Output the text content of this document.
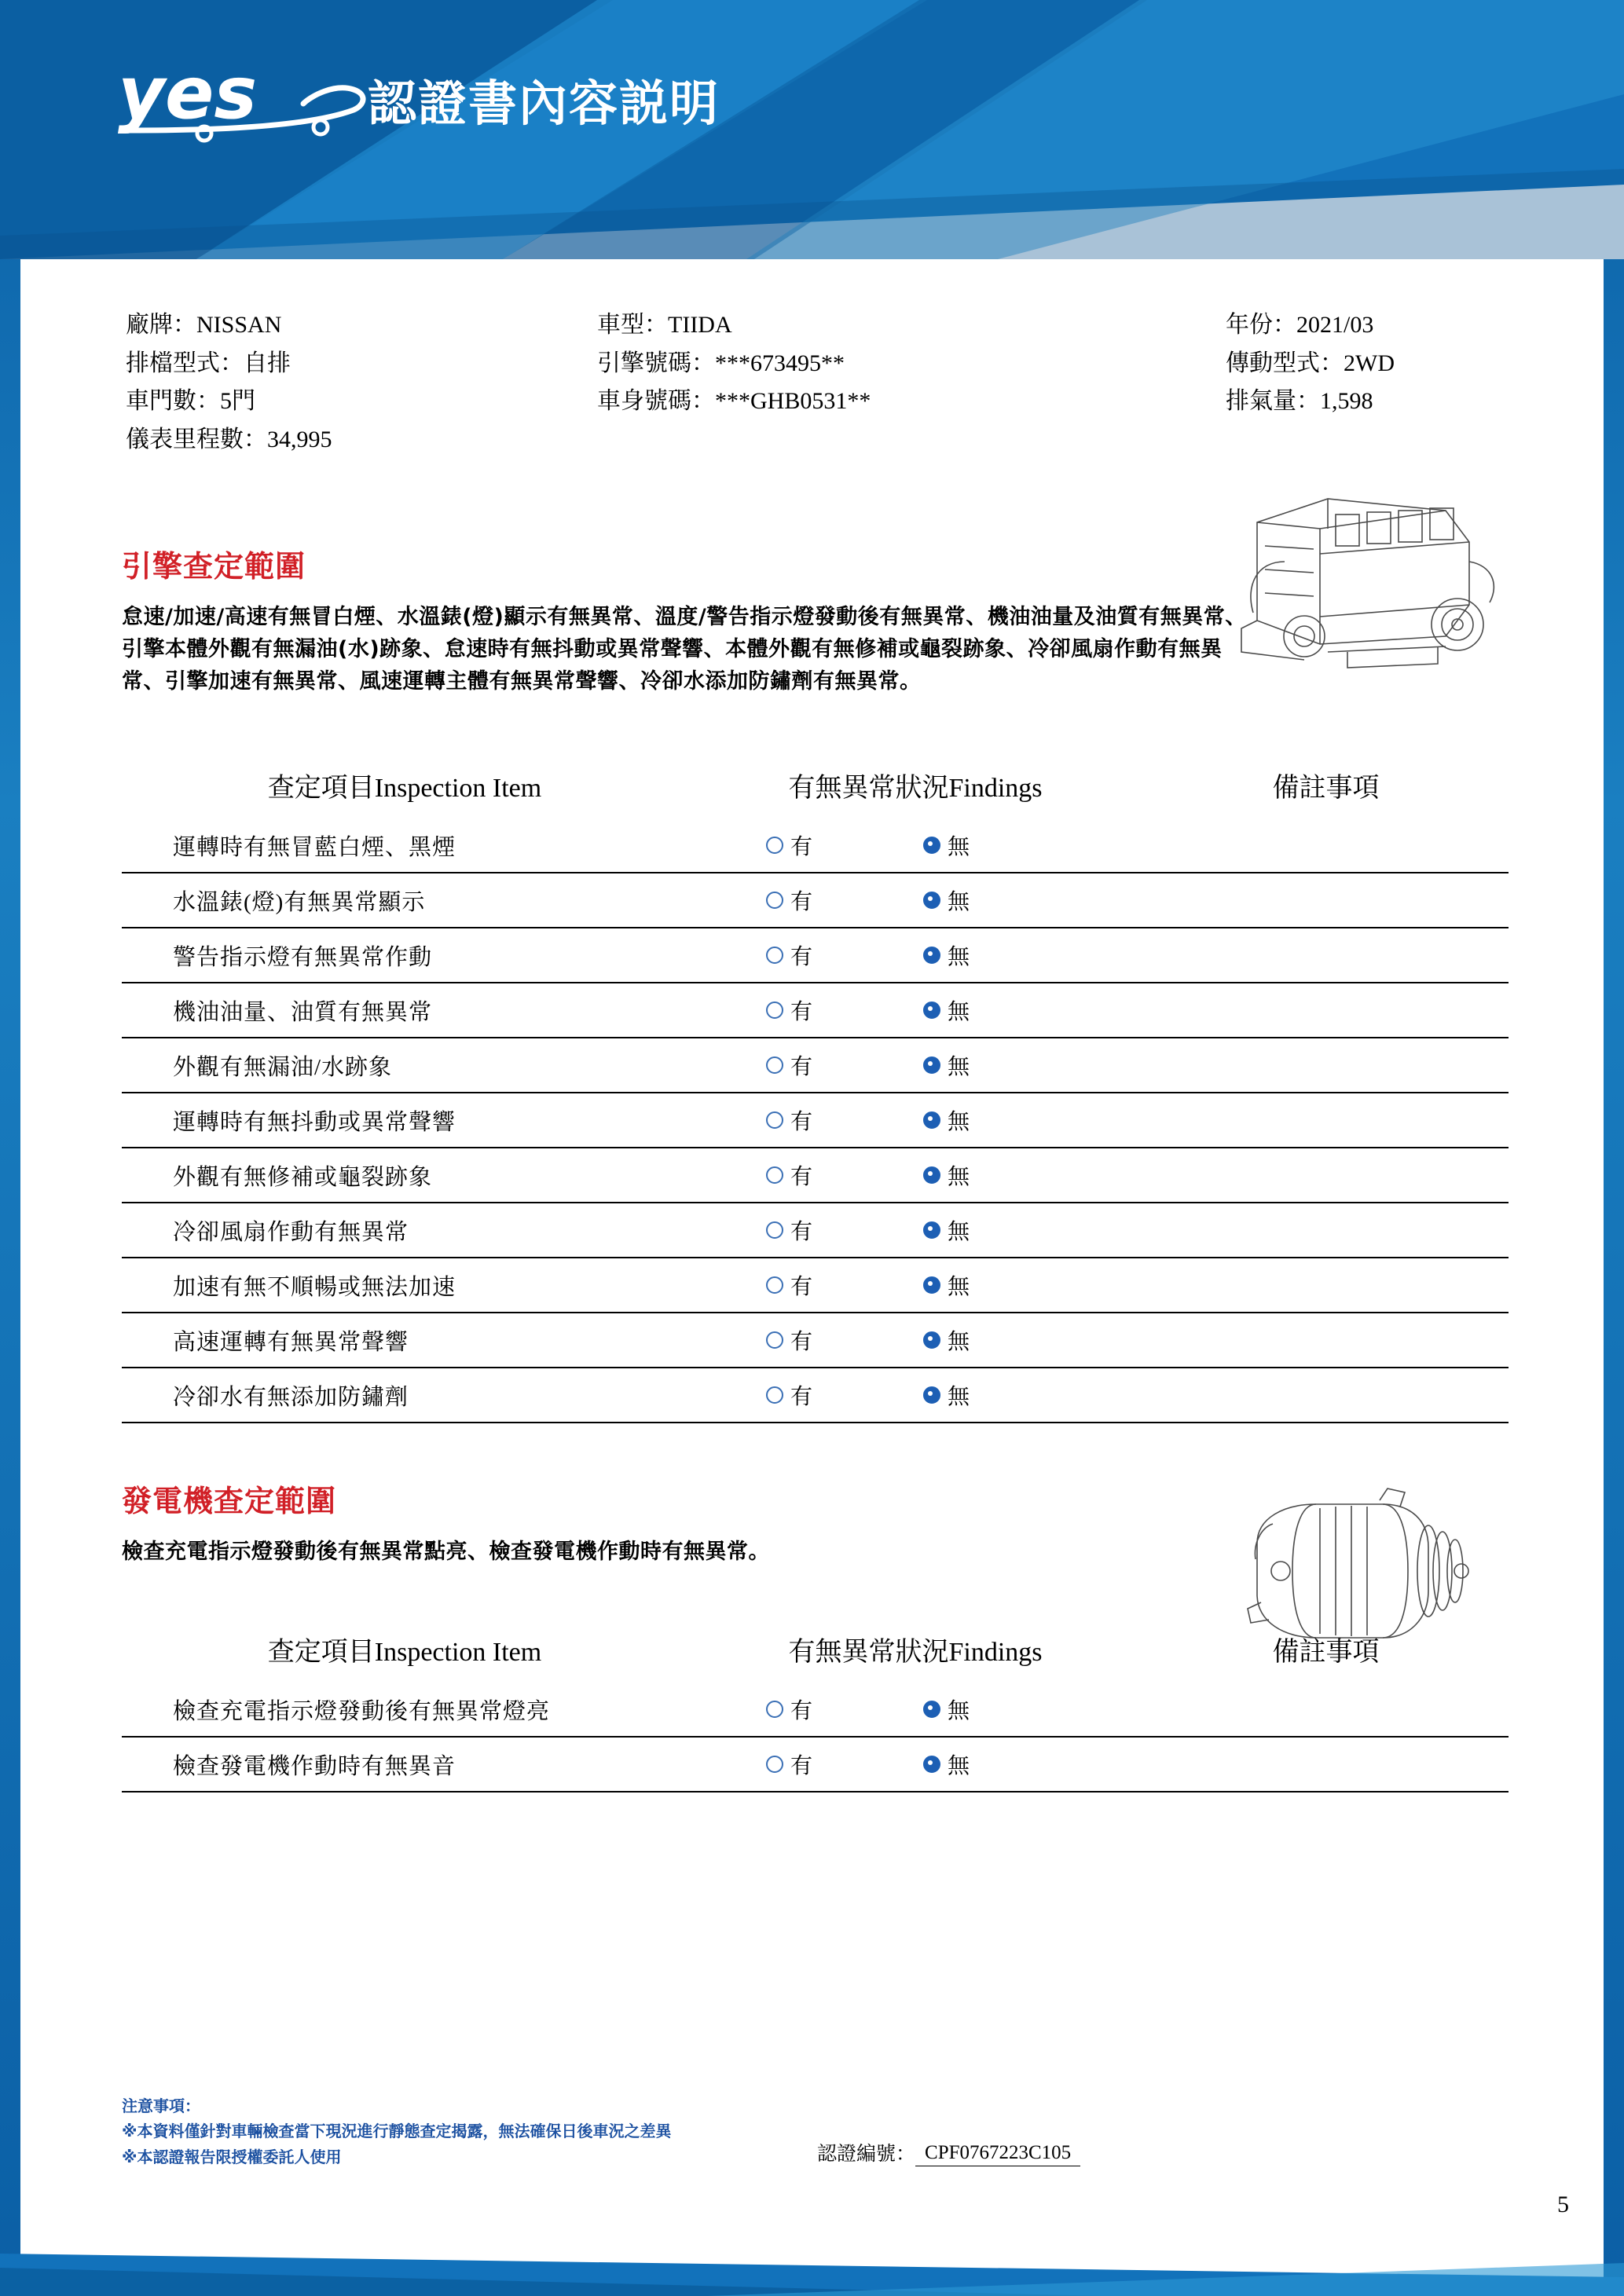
yes 認證書內容説明
廠牌：NISSAN	車型：TIIDA	年份：2021/03
排檔型式：自排	引擎號碼：***673495**	傳動型式：2WD
車門數：5門	車身號碼：***GHB0531**	排氣量：1,598
儀表里程數：34,995
引擎查定範圍
怠速/加速/高速有無冒白煙、水溫錶(燈)顯示有無異常、溫度/警告指示燈發動後有無異常、機油油量及油質有無異常、引擎本體外觀有無漏油(水)跡象、怠速時有無抖動或異常聲響、本體外觀有無修補或龜裂跡象、冷卻風扇作動有無異常、引擎加速有無異常、風速運轉主體有無異常聲響、冷卻水添加防鏽劑有無異常。
查定項目Inspection Item	有無異常狀況Findings	備註事項
運轉時有無冒藍白煙、黑煙	有	無
水溫錶(燈)有無異常顯示	有	無
警告指示燈有無異常作動	有	無
機油油量、油質有無異常	有	無
外觀有無漏油/水跡象	有	無
運轉時有無抖動或異常聲響	有	無
外觀有無修補或龜裂跡象	有	無
冷卻風扇作動有無異常	有	無
加速有無不順暢或無法加速	有	無
高速運轉有無異常聲響	有	無
冷卻水有無添加防鏽劑	有	無
發電機查定範圍
檢查充電指示燈發動後有無異常點亮、檢查發電機作動時有無異常。
查定項目Inspection Item	有無異常狀況Findings	備註事項
檢查充電指示燈發動後有無異常燈亮	有	無
檢查發電機作動時有無異音	有	無
注意事項：
※本資料僅針對車輛檢查當下現況進行靜態查定揭露，無法確保日後車況之差異
※本認證報告限授權委託人使用	認證編號： CPF0767223C105
5
